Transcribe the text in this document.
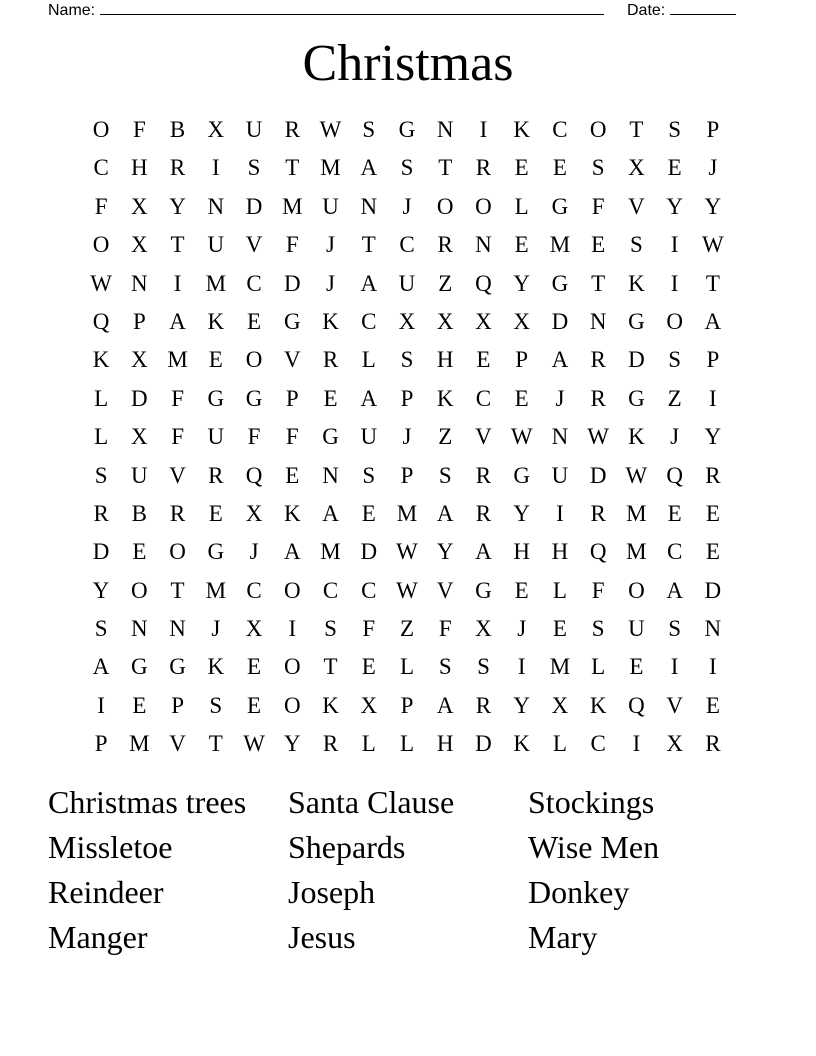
Name:	Date:
Christmas
O	F	B X U R W S	G N	I	K C O T	S	P
C H R	I	S	T M A	S	T	R	E	E	S	X E	J
F	X Y N D M U N	J	O O L G	F	V Y Y
O X T U V	F	J	T	C R N E M E	S	I	W
W N	I	M C D	J	A U Z Q Y G T K	I	T
Q	P	A K E G K C X X X X D N G O A
K X M E O V R	L	S	H E	P	A R D	S	P
L D	F	G G	P	E A	P	K C	E	J	R G Z	I
L X	F	U	F	F	G U	J	Z V W N W K	J	Y
S	U V R Q E N	S	P	S	R G U D W Q R
R B R	E X K A E M A R Y	I	R M E	E
D E O G	J	A M D W Y A H H Q M C	E
Y O T M C O C C W V G E	L	F	O A D
S	N N	J	X	I	S	F	Z	F	X	J	E	S	U	S	N
A G G K E O T	E	L	S	S	I	M L	E	I	I
I	E	P	S	E O K X	P	A R Y X K Q V E
P M V T W Y R	L	L H D K L	C	I	X R
Christmas trees	Santa Clause	Stockings
Missletoe	Shepards	Wise Men
Reindeer	Joseph	Donkey
Manger	Jesus	Mary
